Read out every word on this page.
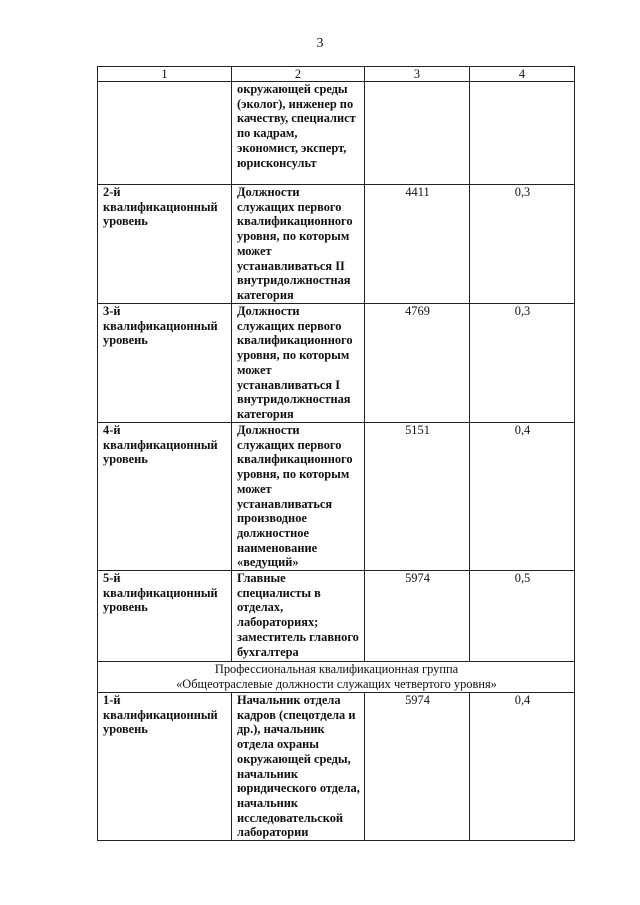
3
1	2	3	4
	окружающей среды (эколог), инженер по качеству, специалист по кадрам, экономист, эксперт, юрисконсульт		
2-й квалификационный уровень	Должности служащих первого квалификационного уровня, по которым может устанавливаться II внутридолжностная категория	4411	0,3
3-й квалификационный уровень	Должности служащих первого квалификационного уровня, по которым может устанавливаться I внутридолжностная категория	4769	0,3
4-й квалификационный уровень	Должности служащих первого квалификационного уровня, по которым может устанавливаться производное должностное наименование «ведущий»	5151	0,4
5-й квалификационный уровень	Главные специалисты в отделах, лабораториях; заместитель главного бухгалтера	5974	0,5

Профессиональная квалификационная группа
«Общеотраслевые должности служащих четвертого уровня»			

1-й квалификационный уровень	Начальник отдела кадров (спецотдела и др.), начальник отдела охраны окружающей среды, начальник юридического отдела, начальник исследовательской лаборатории	5974	0,4
